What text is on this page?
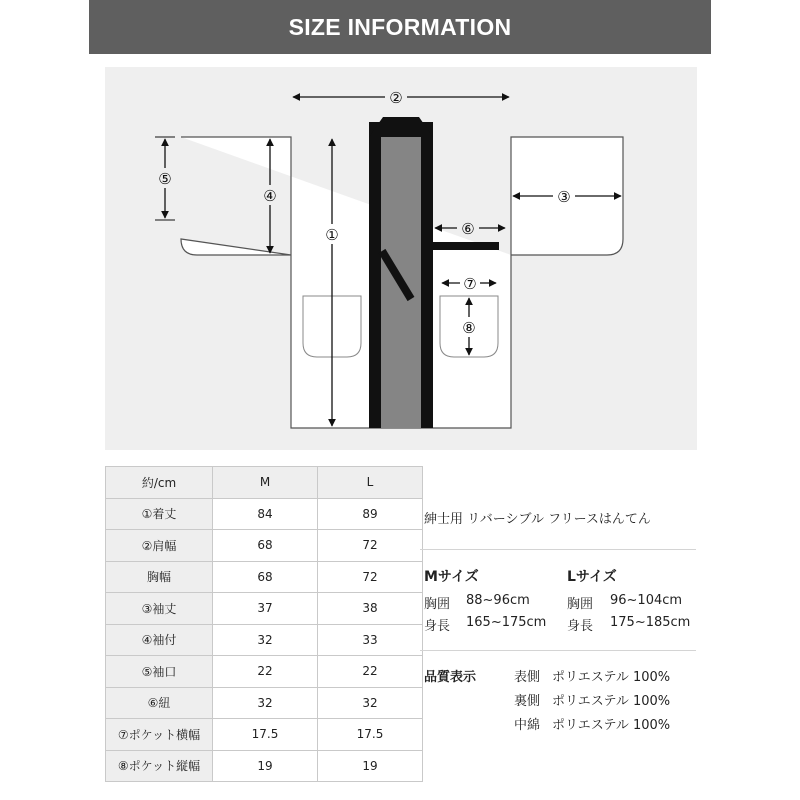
SIZE INFORMATION
②
⑤
④
①
③
⑥
⑦
⑧
約/cm	M	L
①着丈	84	89
②肩幅	68	72
胸幅	68	72
③袖丈	37	38
④袖付	32	33
⑤袖口	22	22
⑥紐	32	32
⑦ポケット横幅	17.5	17.5
⑧ポケット縦幅	19	19
紳士用 リバーシブル フリースはんてん
Mサイズ	Lサイズ
胸囲 88~96cm	胸囲 96~104cm
身長 165~175cm 身長 175~185cm
品質表示	表側 ポリエステル 100%
裏側 ポリエステル 100%
中綿 ポリエステル 100%
